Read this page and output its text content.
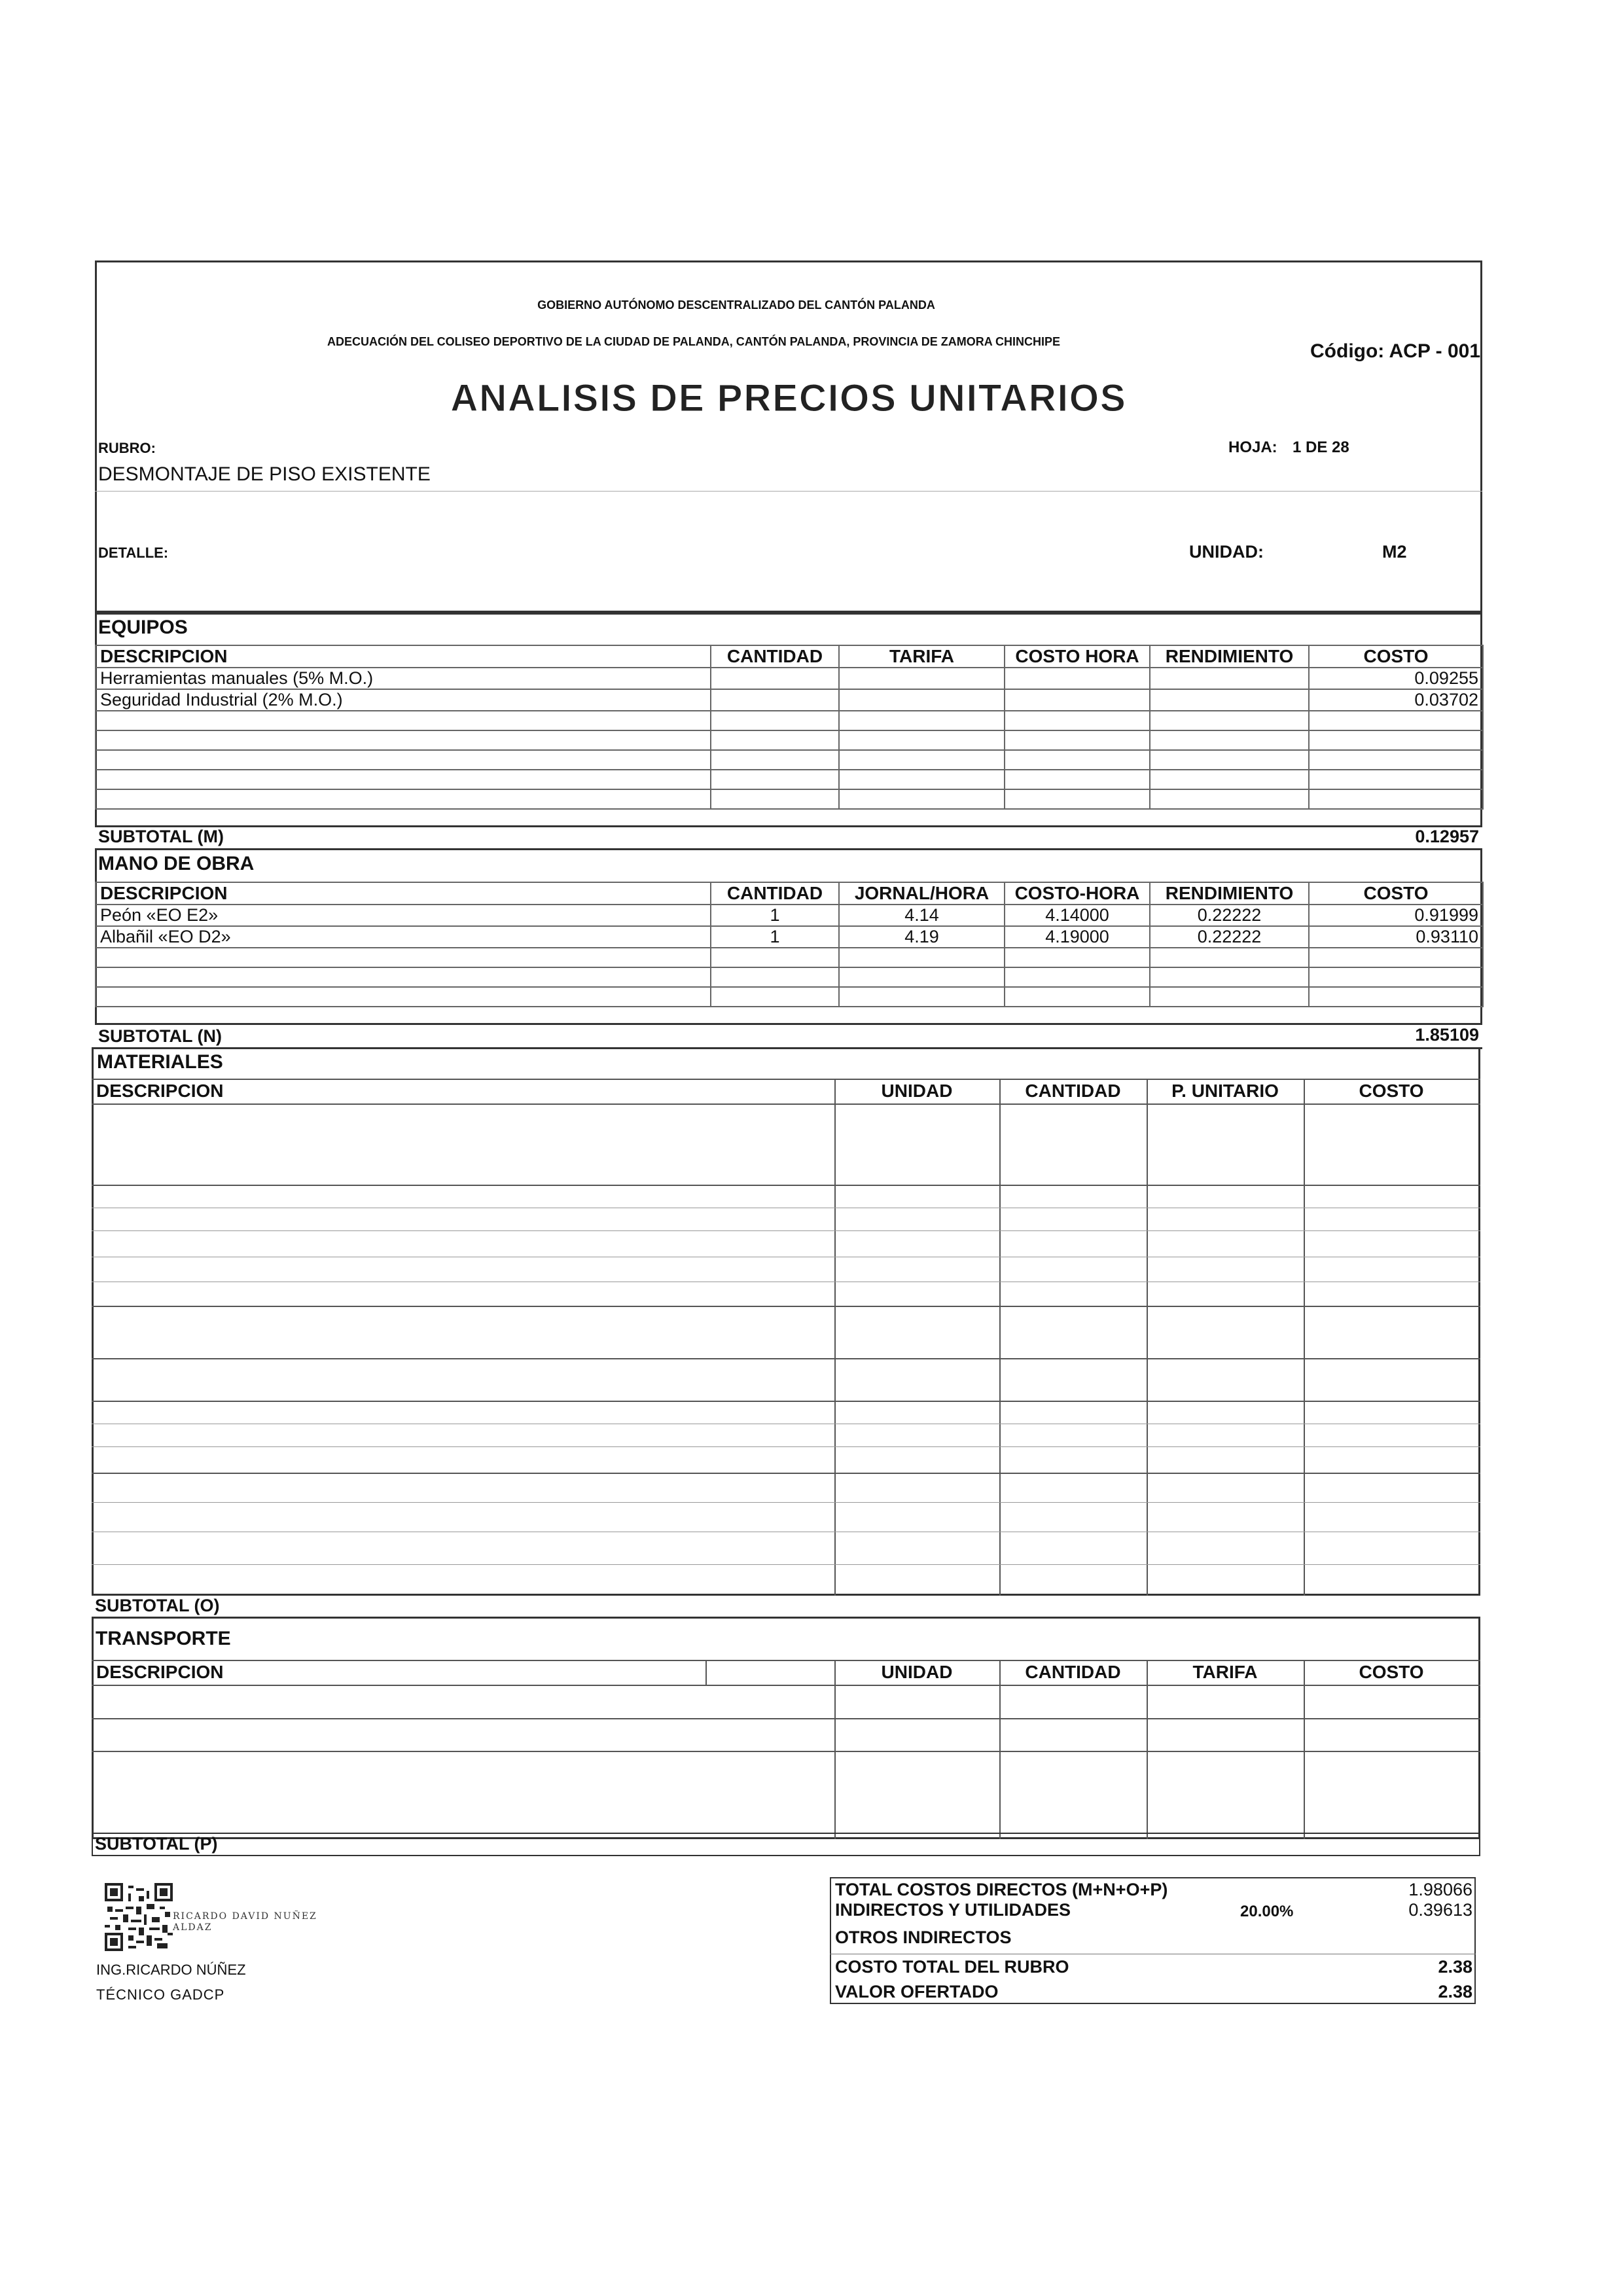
GOBIERNO AUTÓNOMO DESCENTRALIZADO DEL CANTÓN PALANDA
ADECUACIÓN DEL COLISEO DEPORTIVO DE LA CIUDAD DE PALANDA, CANTÓN PALANDA, PROVINCIA DE ZAMORA CHINCHIPE	Código: ACP - 001
ANALISIS DE PRECIOS UNITARIOS
RUBRO:
DESMONTAJE DE PISO EXISTENTE
HOJA: 1 DE 28
DETALLE:	UNIDAD:	M2
EQUIPOS
DESCRIPCION	CANTIDAD	TARIFA	COSTO HORA	RENDIMIENTO	COSTO
Herramientas manuales (5% M.O.)					0.09255
Seguridad Industrial (2% M.O.)					0.03702

SUBTOTAL (M)	0.12957
MANO DE OBRA
DESCRIPCION	CANTIDAD	JORNAL/HORA	COSTO-HORA	RENDIMIENTO	COSTO
Peón «EO E2»	1	4.14	4.14000	0.22222	0.91999
Albañil «EO D2»	1	4.19	4.19000	0.22222	0.93110

SUBTOTAL (N)	1.85109
MATERIALES
DESCRIPCION	UNIDAD	CANTIDAD	P. UNITARIO	COSTO
SUBTOTAL (O)
TRANSPORTE
DESCRIPCION	UNIDAD	CANTIDAD	TARIFA	COSTO
SUBTOTAL (P)
TOTAL COSTOS DIRECTOS (M+N+O+P)	1.98066
INDIRECTOS Y UTILIDADES	20.00%	0.39613
OTROS INDIRECTOS
COSTO TOTAL DEL RUBRO	2.38
VALOR OFERTADO	2.38
RICARDO DAVID NUÑEZ
ALDAZ
ING.RICARDO NÚÑEZ
TÉCNICO GADCP
